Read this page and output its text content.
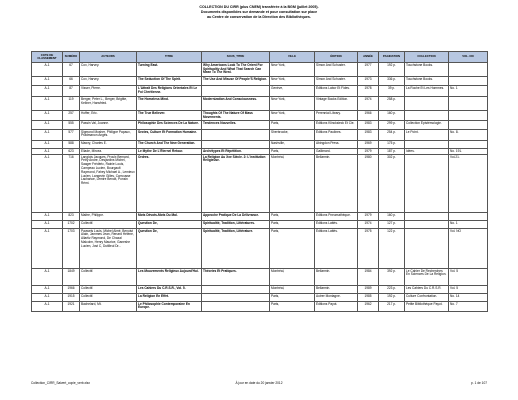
COLLECTION DU CIRR (plus CNEM) transférée à la BGM (juillet 2005).
Documents disponibles sur demande et pour consultation sur place
au Centre de conservation de la Direction des Bibliothèques.
COTE DE CLASSEMENT	NUMÉRO	AUTEURS	TITRE	SOUS_TITRE	VILLE	ÉDITION	ANNÉE	PAGINATION	COLLECTION	VOL. NO
A-1	67	Cox, Harvey.	Turning East.	Why Americans Look To The Orient For Spirituality And What That Search Can Mean To The West.	New York,	Simon And Schuster.	1977	192 p.	Touchstone Books.	
A-1	66	Cox, Harvey.	The Seduction Of The Spirit.	The Use And Misuse Of People'S Religion.	New York,	Simon And Schuster.	1973	336 p.	Touchstone Books.	
A-1	87	Visser, Pierre.	L'Attrait Des Religions Orientales Et Le Foi Chrétienne.		Genève,	Éditions Labor Et Fides.	1978	39 p.	La Roche Et Les Hommes.	No. 1
A-1	119	Berger, Peter L., Berger, Brigitte, Kellner, Hansfried.	The Homeless Mind.	Modernization And Consciousness.	New York,	Vintage Books Edition.	1974	258 p.		
A-1	257	Hoffer, Eric.	The True Believer.	Thoughts Of The Nature Of Mass Movements.	New York,	Perennial Library.	1966	160 p.		
A-1	555	Passin Val, Joanne.	Philosophie Des Sciences De La Nature.	Tendences Nouvelles.	Paris,	Éditions Klincksieck Et Cie.	1983	299 p.	Collection Épistémologie.	
A-1	577	Sigmond Mosher, Philippe Papaux, Pradmanon Angés.	Sectes, Culture Et Formation Humaine.		Sherbrooke,	Éditions Paulines.	1983	254 p.	Le Point.	No. 8.
A-1	588	Mawry, Charles E.	The Church And The New Generation.		Nashville,	Abingdon Press.	1969	175 p.		
A-1	623	Eliade, Mircea.	Le Mythe De L'Éternel Retour.	Archétypes Et Répétition.	Paris,	Gallimard.	1979	187 p.	Idées.	No. 191.
A-1	716	Langlois Jacques, Proulx Bernard, Petry Andre, Desjardins Michel, Saager Frédéric, Rainie Louis, Campeau Lucien, Bourgault Raymond, Fahey Michael A., Lemieux Lucien, Langevin Gilles, Carrousse Lachance, Lemire Benoit, Ponsin Rémi.	Ordres.	La Religion Au Xxe Siècle. 2: L'institution Religieuse.	Montréal,	Bellarmin.	1980	302 p.		Vol.21.
A-1	823	Maitre, Philippe.	Mots Dévots-Mots Du Mal.	Approche Pratique De La Délivrance.	Paris,	Éditions Pneumathèque.	1979	160 p.		
A-1	1702	Collectif.	Question De,	Spiritualité, Tradition, Littératures.	Paris,	Éditions Lattès.	1974	127 p.		No. 1
A-1	1703	Pauwels Louis, Michel Aimé, Benoist Alain, Jammes Jean, Renard Hélène, Allartiz Raymond, De Chazal Malcolm, Henry Maurice, Ganeshe Lucien, Jost C, Dutilleul Dr...	Question De,	Spiritualité, Tradition, Littérature.	Paris,	Éditions Lattès.	1975	122 p.		Vol. NO
A-1	1849	Collectif.	Les Mouvements Religieux Aujourd'Hui.	Théories Et Pratiques.	Montréal,	Bellarmin.	1984	392 p.	Le Cahier De Recherches En Sciences De La Religion.	Vol. 5
A-1	1966	Collectif.	Les Cahiers Du C.R.S.R., Vol. 5.		Montréal,	Bellarmin.	1989	223 p.	Les Cahiers Du C.R.S.R.	Vol. 5
A-1	1915	Collectif.	La Religion En Effet.		Paris,	Autrer Montagne.	1985	192 p.	Culture Confrontation.	No. 14
A-1	1921	Bachelard, Mt.	Le Philosophie Contemporaine En Europe.		Paris,	Éditions Payot.	1962	217 p.	Petite Bibliothèque Payot.	No. 7
Collection_CIRR_Salvert_copie_verb.xlsx	À jour en date du 20 janvier 2012	p. 1 de 107
